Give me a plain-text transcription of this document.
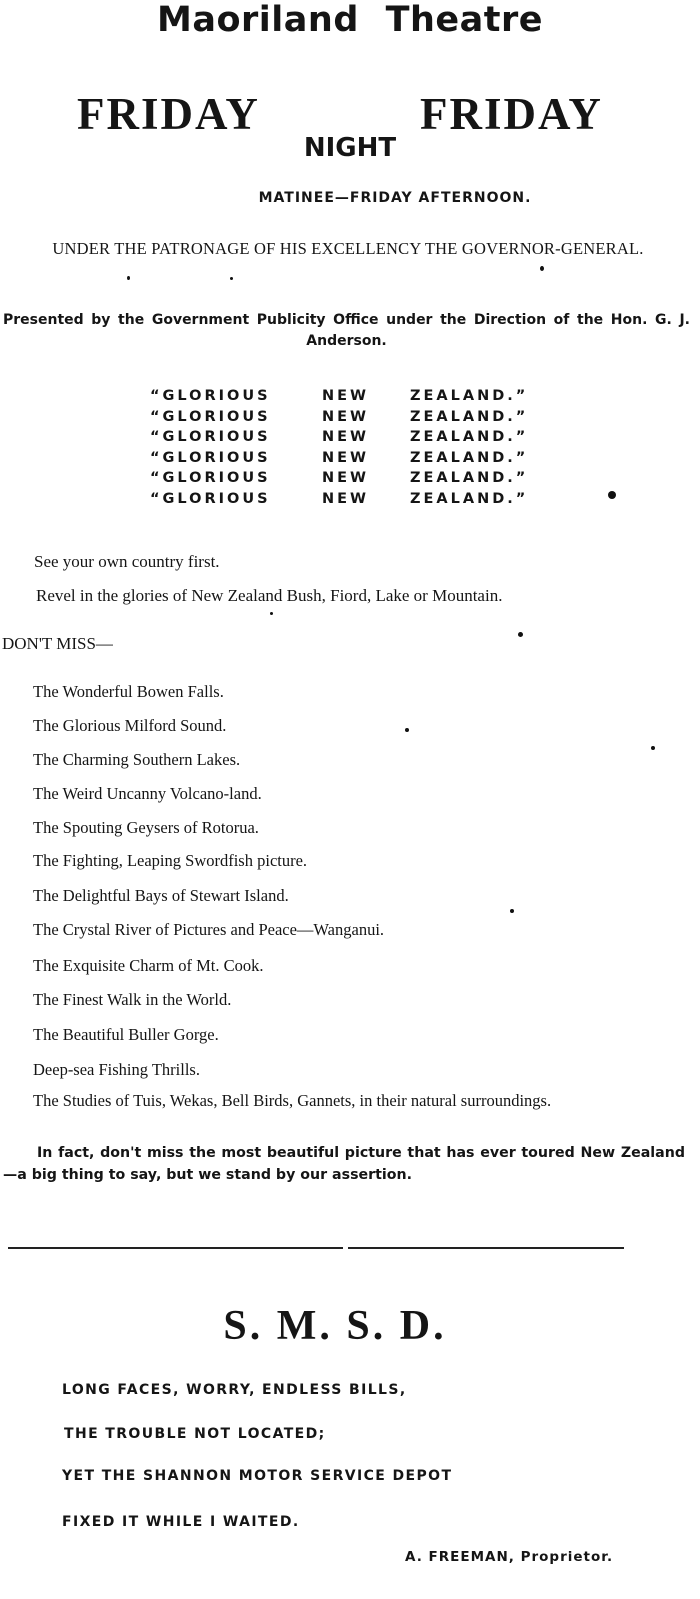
Maoriland Theatre
FRIDAY	FRIDAY
NIGHT
MATINEE—FRIDAY AFTERNOON.
UNDER THE PATRONAGE OF HIS EXCELLENCY THE GOVERNOR-GENERAL.
Presented by the Government Publicity Office under the Direction of the Hon. G. J. Anderson.
“GLORIOUS	NEW	ZEALAND.”
“GLORIOUS	NEW	ZEALAND.”
“GLORIOUS	NEW	ZEALAND.”
“GLORIOUS	NEW	ZEALAND.”
“GLORIOUS	NEW	ZEALAND.”
“GLORIOUS	NEW	ZEALAND.”
See your own country first.
Revel in the glories of New Zealand Bush, Fiord, Lake or Mountain.
DON'T MISS—
The Wonderful Bowen Falls.
The Glorious Milford Sound.
The Charming Southern Lakes.
The Weird Uncanny Volcano-land.
The Spouting Geysers of Rotorua.
The Fighting, Leaping Swordfish picture.
The Delightful Bays of Stewart Island.
The Crystal River of Pictures and Peace—Wanganui.
The Exquisite Charm of Mt. Cook.
The Finest Walk in the World.
The Beautiful Buller Gorge.
Deep-sea Fishing Thrills.
The Studies of Tuis, Wekas, Bell Birds, Gannets, in their natural surroundings.
In fact, don't miss the most beautiful picture that has ever toured New Zealand—a big thing to say, but we stand by our assertion.
S. M. S. D.
LONG FACES, WORRY, ENDLESS BILLS,
THE TROUBLE NOT LOCATED;
YET THE SHANNON MOTOR SERVICE DEPOT
FIXED IT WHILE I WAITED.
A. FREEMAN, Proprietor.
